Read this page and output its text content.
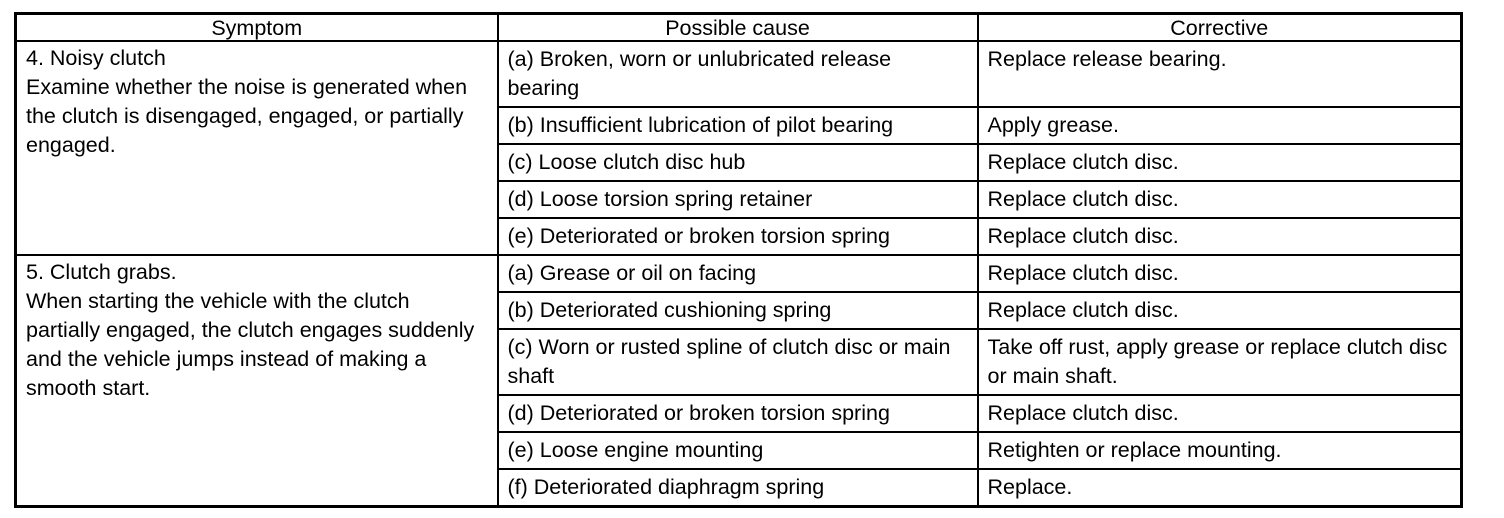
Symptom	Possible cause	Corrective

4. Noisy clutch
Examine whether the noise is generated when the clutch is disengaged, engaged, or partially engaged.	(a) Broken, worn or unlubricated release bearing	Replace release bearing.
	(b) Insufficient lubrication of pilot bearing	Apply grease.
	(c) Loose clutch disc hub	Replace clutch disc.
	(d) Loose torsion spring retainer	Replace clutch disc.
	(e) Deteriorated or broken torsion spring	Replace clutch disc.

5. Clutch grabs.
When starting the vehicle with the clutch partially engaged, the clutch engages suddenly and the vehicle jumps instead of making a smooth start.	(a) Grease or oil on facing	Replace clutch disc.
	(b) Deteriorated cushioning spring	Replace clutch disc.
	(c) Worn or rusted spline of clutch disc or main shaft	Take off rust, apply grease or replace clutch disc or main shaft.
	(d) Deteriorated or broken torsion spring	Replace clutch disc.
	(e) Loose engine mounting	Retighten or replace mounting.
	(f) Deteriorated diaphragm spring	Replace.
